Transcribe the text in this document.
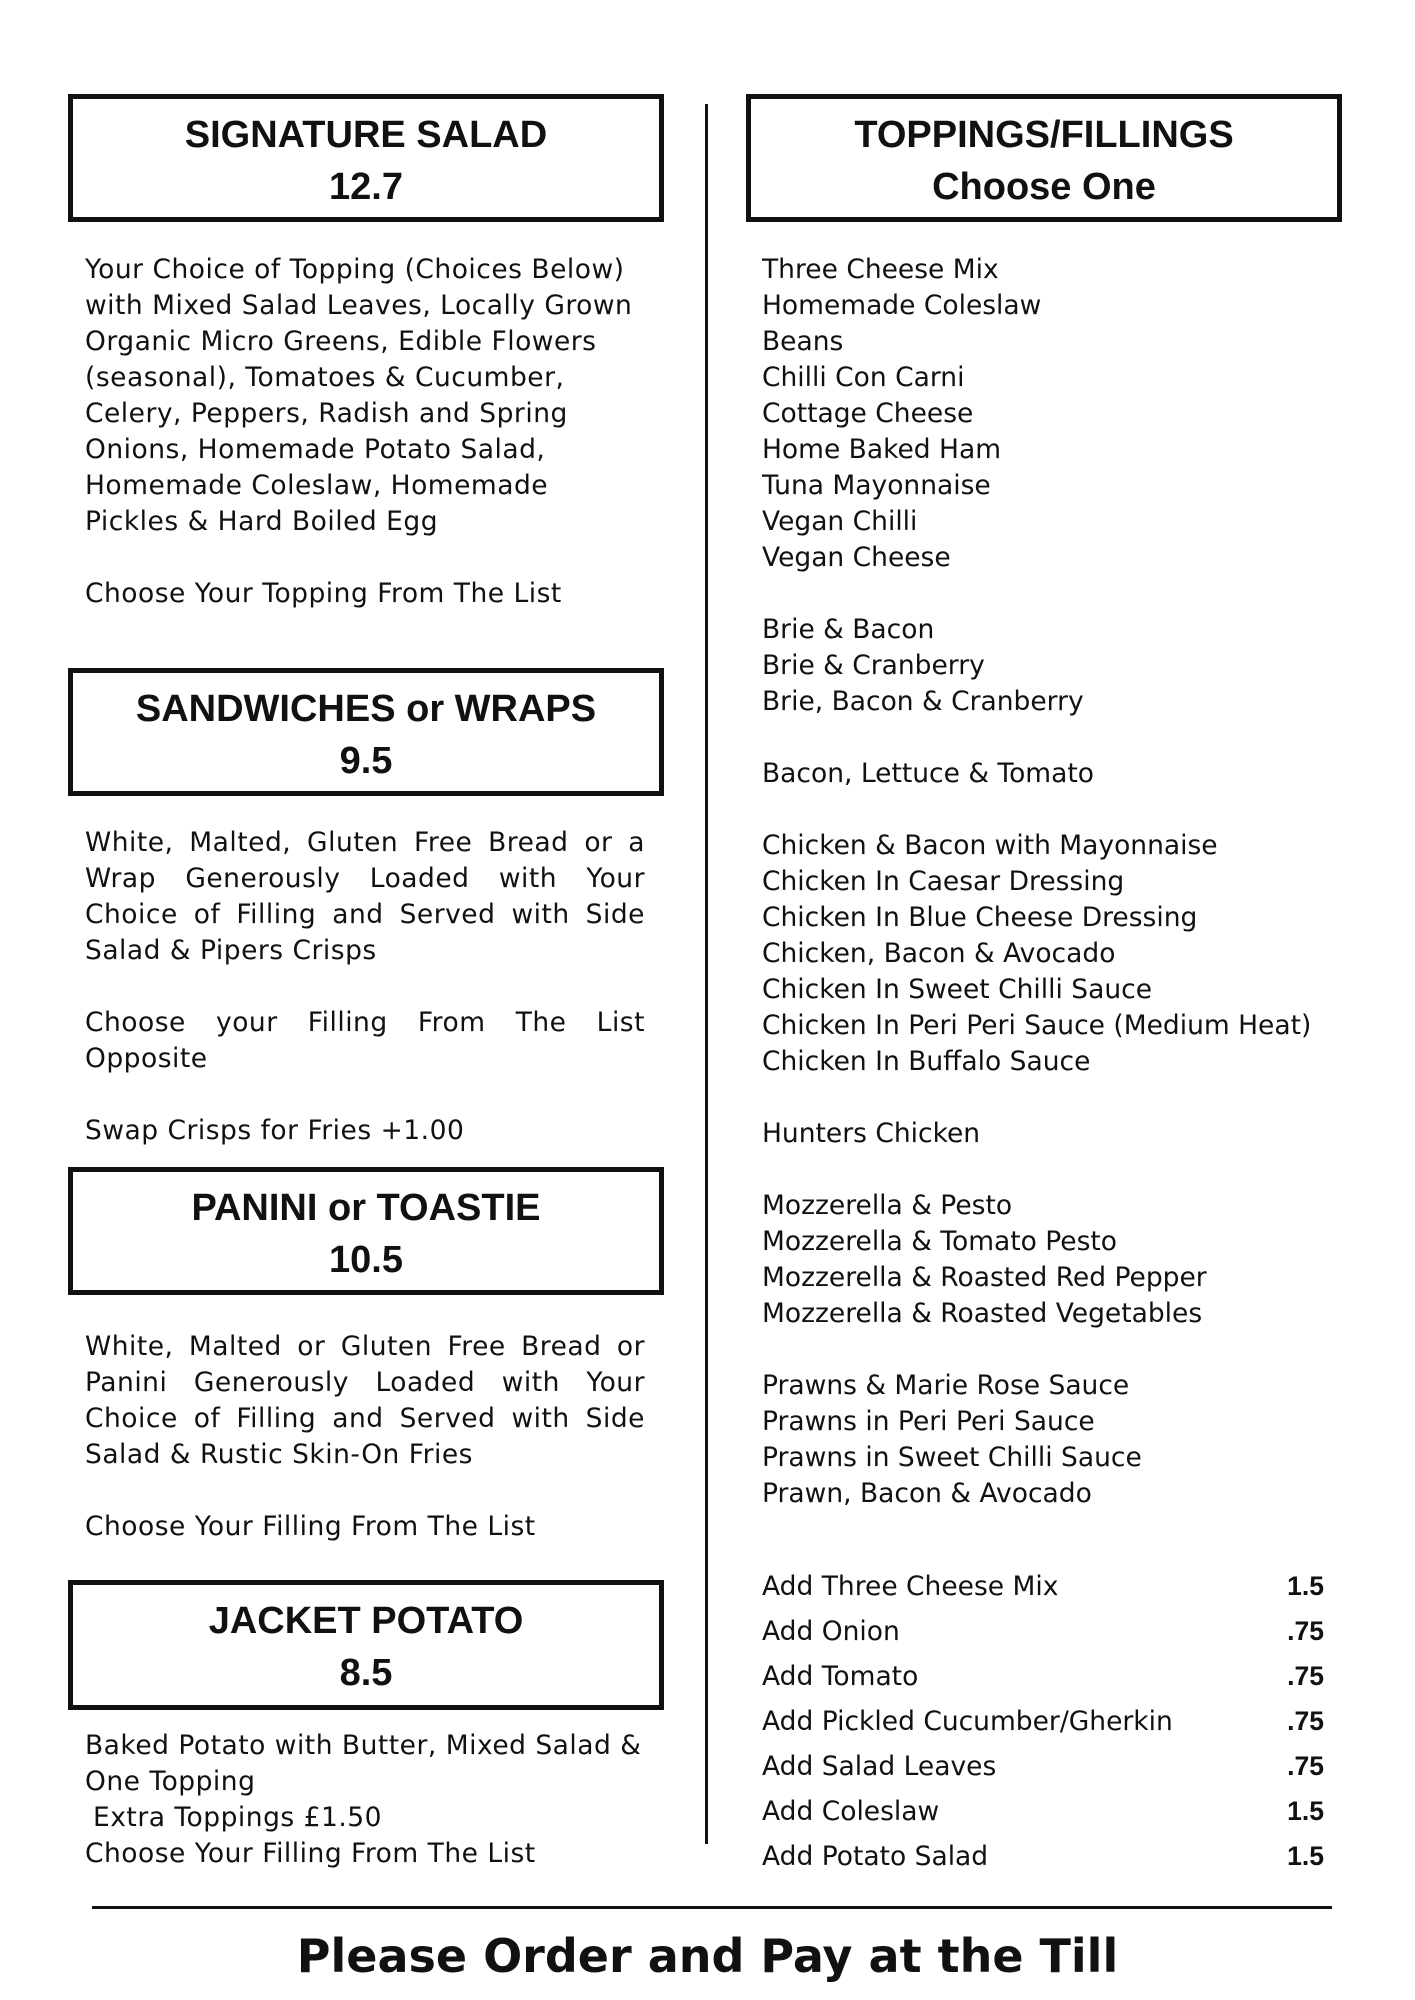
SIGNATURE SALAD
12.7
Your Choice of Topping (Choices Below) with Mixed Salad Leaves, Locally Grown Organic Micro Greens, Edible Flowers (seasonal), Tomatoes & Cucumber, Celery, Peppers, Radish and Spring Onions, Homemade Potato Salad, Homemade Coleslaw, Homemade Pickles & Hard Boiled Egg
Choose Your Topping From The List
SANDWICHES or WRAPS
9.5
White, Malted, Gluten Free Bread or a Wrap Generously Loaded with Your Choice of Filling and Served with Side Salad & Pipers Crisps
Choose your Filling From The List Opposite
Swap Crisps for Fries +1.00
PANINI or TOASTIE
10.5
White, Malted or Gluten Free Bread or Panini Generously Loaded with Your Choice of Filling and Served with Side Salad & Rustic Skin-On Fries
Choose Your Filling From The List
JACKET POTATO
8.5
Baked Potato with Butter, Mixed Salad & One Topping
Extra Toppings £1.50
Choose Your Filling From The List
TOPPINGS/FILLINGS
Choose One
Three Cheese Mix
Homemade Coleslaw
Beans
Chilli Con Carni
Cottage Cheese
Home Baked Ham
Tuna Mayonnaise
Vegan Chilli
Vegan Cheese
Brie & Bacon
Brie & Cranberry
Brie, Bacon & Cranberry
Bacon, Lettuce & Tomato
Chicken & Bacon with Mayonnaise
Chicken In Caesar Dressing
Chicken In Blue Cheese Dressing
Chicken, Bacon & Avocado
Chicken In Sweet Chilli Sauce
Chicken In Peri Peri Sauce (Medium Heat)
Chicken In Buffalo Sauce
Hunters Chicken
Mozzerella & Pesto
Mozzerella & Tomato Pesto
Mozzerella & Roasted Red Pepper
Mozzerella & Roasted Vegetables
Prawns & Marie Rose Sauce
Prawns in Peri Peri Sauce
Prawns in Sweet Chilli Sauce
Prawn, Bacon & Avocado
Add Three Cheese Mix	1.5
Add Onion	.75
Add Tomato	.75
Add Pickled Cucumber/Gherkin	.75
Add Salad Leaves	.75
Add Coleslaw	1.5
Add Potato Salad	1.5
Please Order and Pay at the Till
